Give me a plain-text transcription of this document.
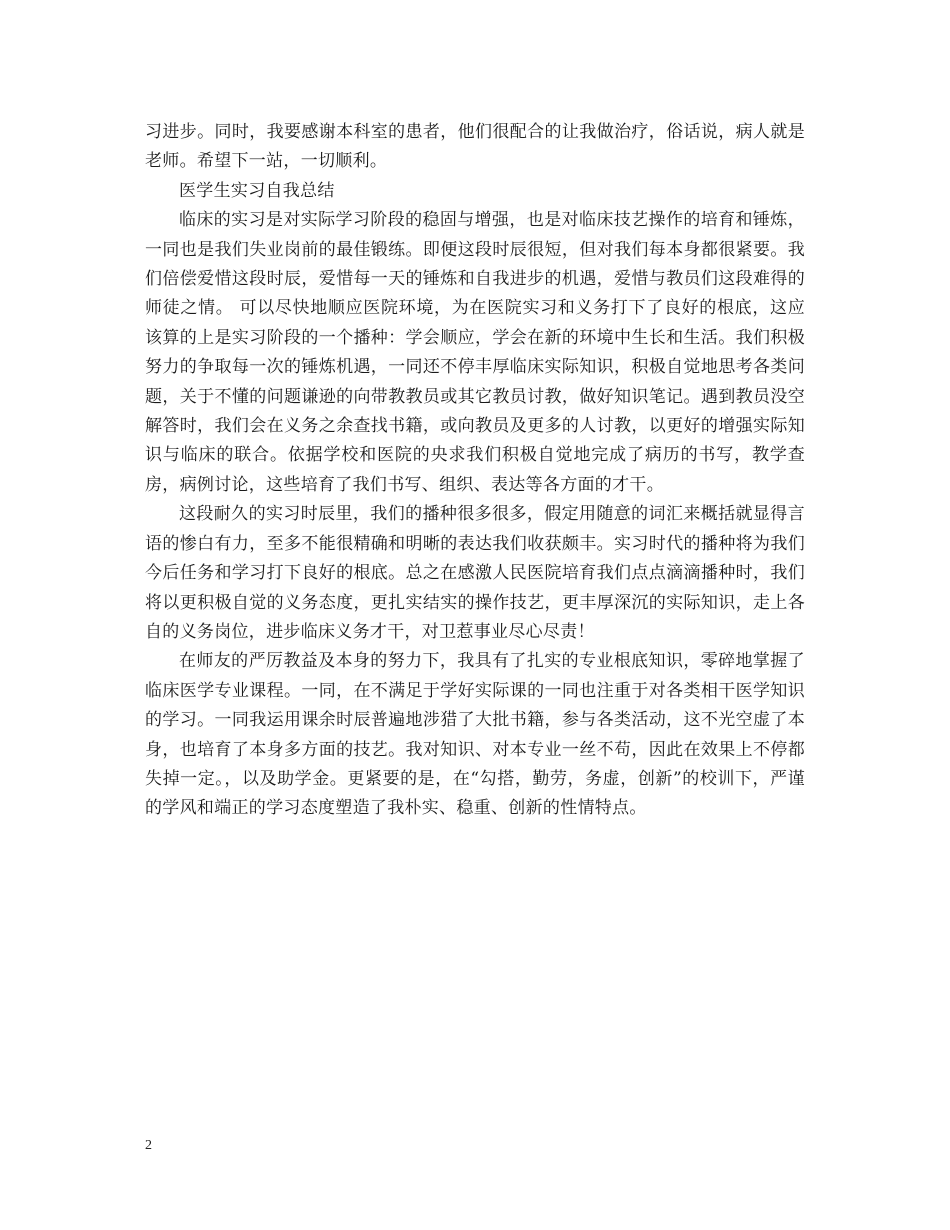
习进步。同时，我要感谢本科室的患者，他们很配合的让我做治疗，俗话说，病人就是老师。希望下一站，一切顺利。

医学生实习自我总结

临床的实习是对实际学习阶段的稳固与增强，也是对临床技艺操作的培育和锤炼，一同也是我们失业岗前的最佳锻练。即便这段时辰很短，但对我们每本身都很紧要。我们倍偿爱惜这段时辰，爱惜每一天的锤炼和自我进步的机遇，爱惜与教员们这段难得的师徒之情。 可以尽快地顺应医院环境，为在医院实习和义务打下了良好的根底，这应该算的上是实习阶段的一个播种：学会顺应，学会在新的环境中生长和生活。我们积极努力的争取每一次的锤炼机遇，一同还不停丰厚临床实际知识，积极自觉地思考各类问题，关于不懂的问题谦逊的向带教教员或其它教员讨教，做好知识笔记。遇到教员没空解答时，我们会在义务之余查找书籍，或向教员及更多的人讨教，以更好的增强实际知识与临床的联合。依据学校和医院的央求我们积极自觉地完成了病历的书写，教学查房，病例讨论，这些培育了我们书写、组织、表达等各方面的才干。

这段耐久的实习时辰里，我们的播种很多很多，假定用随意的词汇来概括就显得言语的惨白有力，至多不能很精确和明晰的表达我们收获颇丰。实习时代的播种将为我们今后任务和学习打下良好的根底。总之在感激人民医院培育我们点点滴滴播种时，我们将以更积极自觉的义务态度，更扎实结实的操作技艺，更丰厚深沉的实际知识，走上各自的义务岗位，进步临床义务才干，对卫惹事业尽心尽责！

在师友的严厉教益及本身的努力下，我具有了扎实的专业根底知识，零碎地掌握了临床医学专业课程。一同，在不满足于学好实际课的一同也注重于对各类相干医学知识的学习。一同我运用课余时辰普遍地涉猎了大批书籍，参与各类活动，这不光空虚了本身，也培育了本身多方面的技艺。我对知识、对本专业一丝不苟，因此在效果上不停都失掉一定。，以及助学金。更紧要的是，在“勾搭，勤劳，务虚，创新”的校训下，严谨的学风和端正的学习态度塑造了我朴实、稳重、创新的性情特点。

2
